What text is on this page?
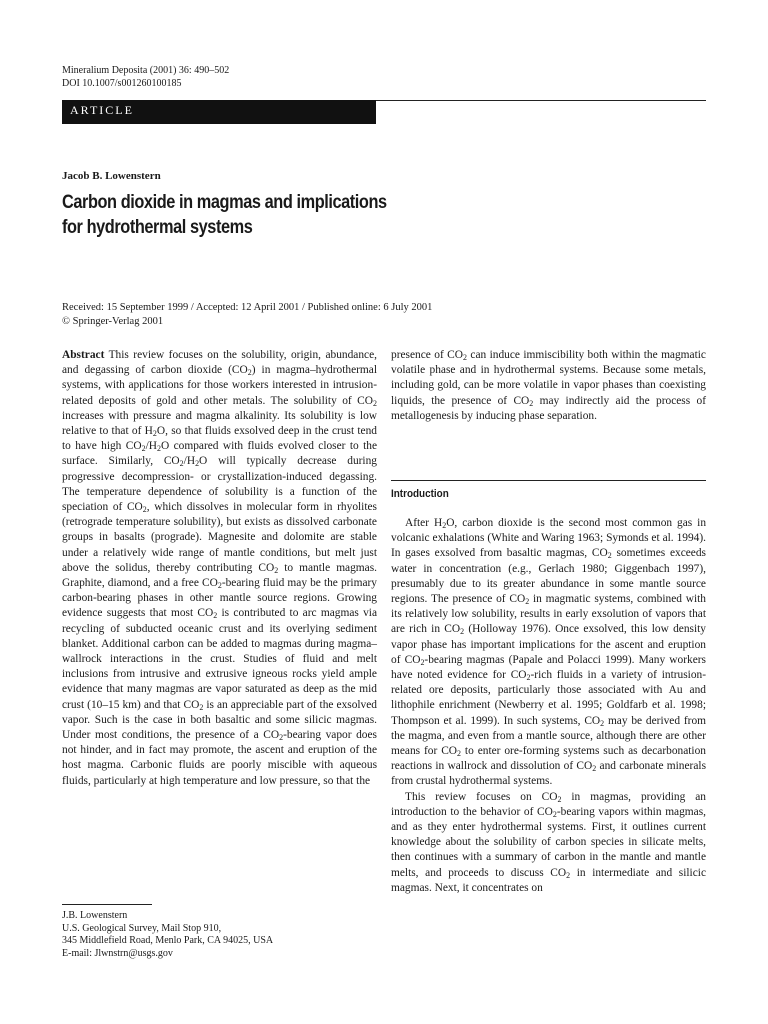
Mineralium Deposita (2001) 36: 490–502
DOI 10.1007/s001260100185
ARTICLE
Jacob B. Lowenstern
Carbon dioxide in magmas and implications
for hydrothermal systems
Received: 15 September 1999 / Accepted: 12 April 2001 / Published online: 6 July 2001
© Springer-Verlag 2001

Abstract This review focuses on the solubility, origin, abundance, and degassing of carbon dioxide $(CO_2)$ in magma–hydrothermal systems, with applications for those workers interested in intrusion-related deposits of gold and other metals. The solubility of $CO_2$ increases with pressure and magma alkalinity. Its solubility is low relative to that of $H_2O$, so that fluids exsolved deep in the crust tend to have high $CO_2/H_2O$ compared with fluids evolved closer to the surface. Similarly, $CO_2/H_2O$ will typically decrease during progressive decompression- or crystallization-induced degassing. The temperature dependence of solubility is a function of the speciation of $CO_2$, which dissolves in molecular form in rhyolites (retrograde temperature solubility), but exists as dissolved carbonate groups in basalts (prograde). Magnesite and dolomite are stable under a relatively wide range of mantle conditions, but melt just above the solidus, thereby contributing $CO_2$ to mantle magmas. Graphite, diamond, and a free $CO_2$-bearing fluid may be the primary carbon-bearing phases in other mantle source regions. Growing evidence suggests that most $CO_2$ is contributed to arc magmas via recycling of subducted oceanic crust and its overlying sediment blanket. Additional carbon can be added to magmas during magma–wallrock interactions in the crust. Studies of fluid and melt inclusions from intrusive and extrusive igneous rocks yield ample evidence that many magmas are vapor saturated as deep as the mid crust (10–15 km) and that $CO_2$ is an appreciable part of the exsolved vapor. Such is the case in both basaltic and some silicic magmas. Under most conditions, the presence of a $CO_2$-bearing vapor does not hinder, and in fact may promote, the ascent and eruption of the host magma. Carbonic fluids are poorly miscible with aqueous fluids, particularly at high temperature and low pressure, so that the

presence of $CO_2$ can induce immiscibility both within the magmatic volatile phase and in hydrothermal systems. Because some metals, including gold, can be more volatile in vapor phases than coexisting liquids, the presence of $CO_2$ may indirectly aid the process of metallogenesis by inducing phase separation.

Introduction

After $H_2O$, carbon dioxide is the second most common gas in volcanic exhalations (White and Waring 1963; Symonds et al. 1994). In gases exsolved from basaltic magmas, $CO_2$ sometimes exceeds water in concentration (e.g., Gerlach 1980; Giggenbach 1997), presumably due to its greater abundance in some mantle source regions. The presence of $CO_2$ in magmatic systems, combined with its relatively low solubility, results in early exsolution of vapors that are rich in $CO_2$ (Holloway 1976). Once exsolved, this low density vapor phase has important implications for the ascent and eruption of $CO_2$-bearing magmas (Papale and Polacci 1999). Many workers have noted evidence for $CO_2$-rich fluids in a variety of intrusion-related ore deposits, particularly those associated with Au and lithophile enrichment (Newberry et al. 1995; Goldfarb et al. 1998; Thompson et al. 1999). In such systems, $CO_2$ may be derived from the magma, and even from a mantle source, although there are other means for $CO_2$ to enter ore-forming systems such as decarbonation reactions in wallrock and dissolution of $CO_2$ and carbonate minerals from crustal hydrothermal systems.

This review focuses on $CO_2$ in magmas, providing an introduction to the behavior of $CO_2$-bearing vapors within magmas, and as they enter hydrothermal systems. First, it outlines current knowledge about the solubility of carbon species in silicate melts, then continues with a summary of carbon in the mantle and mantle melts, and proceeds to discuss $CO_2$ in intermediate and silicic magmas. Next, it concentrates on

J.B. Lowenstern
U.S. Geological Survey, Mail Stop 910,
345 Middlefield Road, Menlo Park, CA 94025, USA
E-mail: Jlwnstrn@usgs.gov
